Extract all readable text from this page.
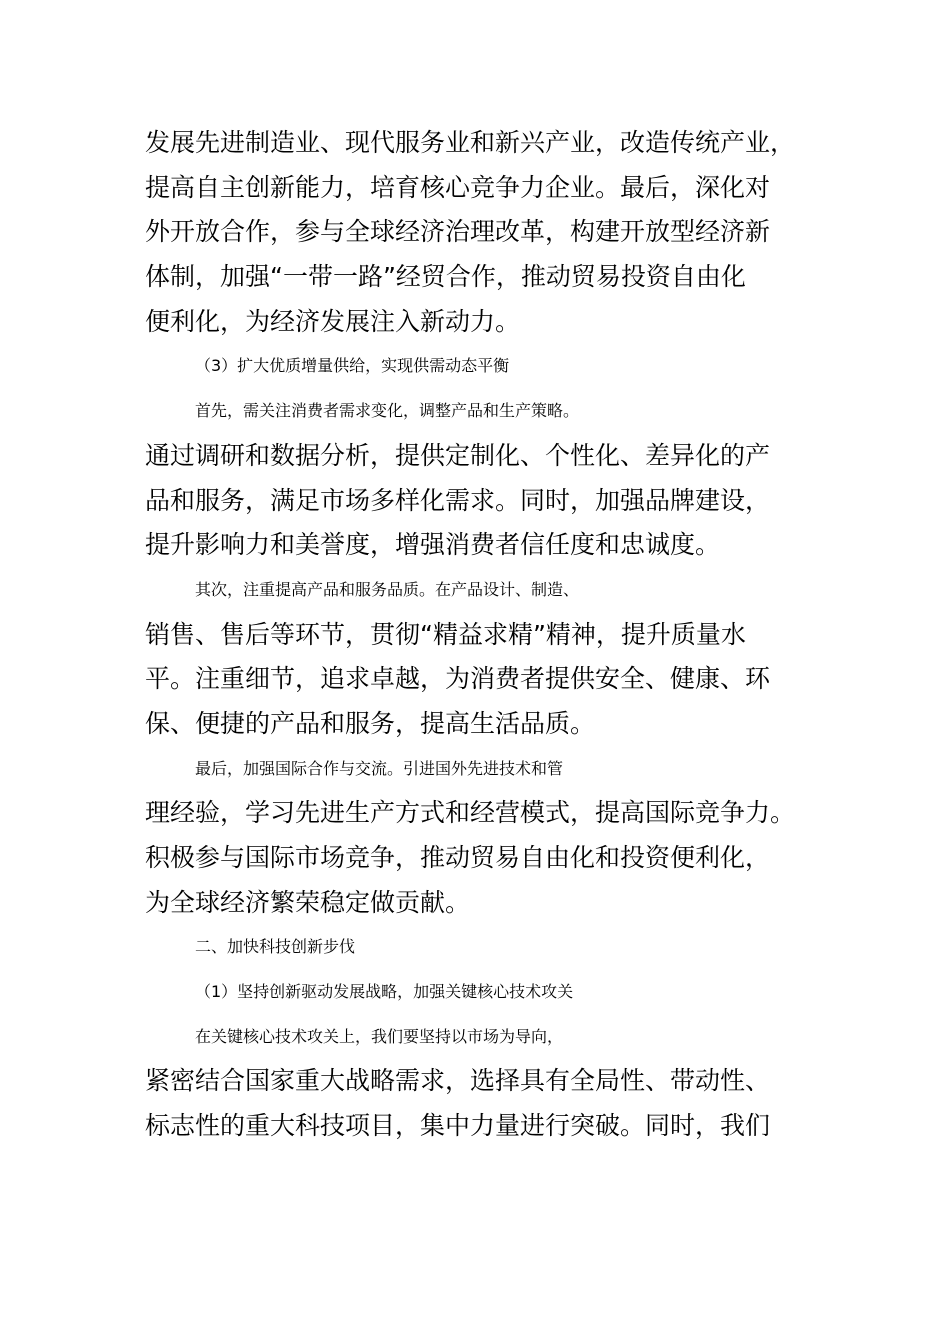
发展先进制造业、现代服务业和新兴产业，改造传统产业，
提高自主创新能力，培育核心竞争力企业。最后，深化对
外开放合作，参与全球经济治理改革，构建开放型经济新
体制，加强“一带一路”经贸合作，推动贸易投资自由化
便利化，为经济发展注入新动力。
（3）扩大优质增量供给，实现供需动态平衡
首先，需关注消费者需求变化，调整产品和生产策略。
通过调研和数据分析，提供定制化、个性化、差异化的产
品和服务，满足市场多样化需求。同时，加强品牌建设，
提升影响力和美誉度，增强消费者信任度和忠诚度。
其次，注重提高产品和服务品质。在产品设计、制造、
销售、售后等环节，贯彻“精益求精”精神，提升质量水
平。注重细节，追求卓越，为消费者提供安全、健康、环
保、便捷的产品和服务，提高生活品质。
最后，加强国际合作与交流。引进国外先进技术和管
理经验，学习先进生产方式和经营模式，提高国际竞争力。
积极参与国际市场竞争，推动贸易自由化和投资便利化，
为全球经济繁荣稳定做贡献。
二、加快科技创新步伐
（1）坚持创新驱动发展战略，加强关键核心技术攻关
在关键核心技术攻关上，我们要坚持以市场为导向，
紧密结合国家重大战略需求，选择具有全局性、带动性、
标志性的重大科技项目，集中力量进行突破。同时，我们
